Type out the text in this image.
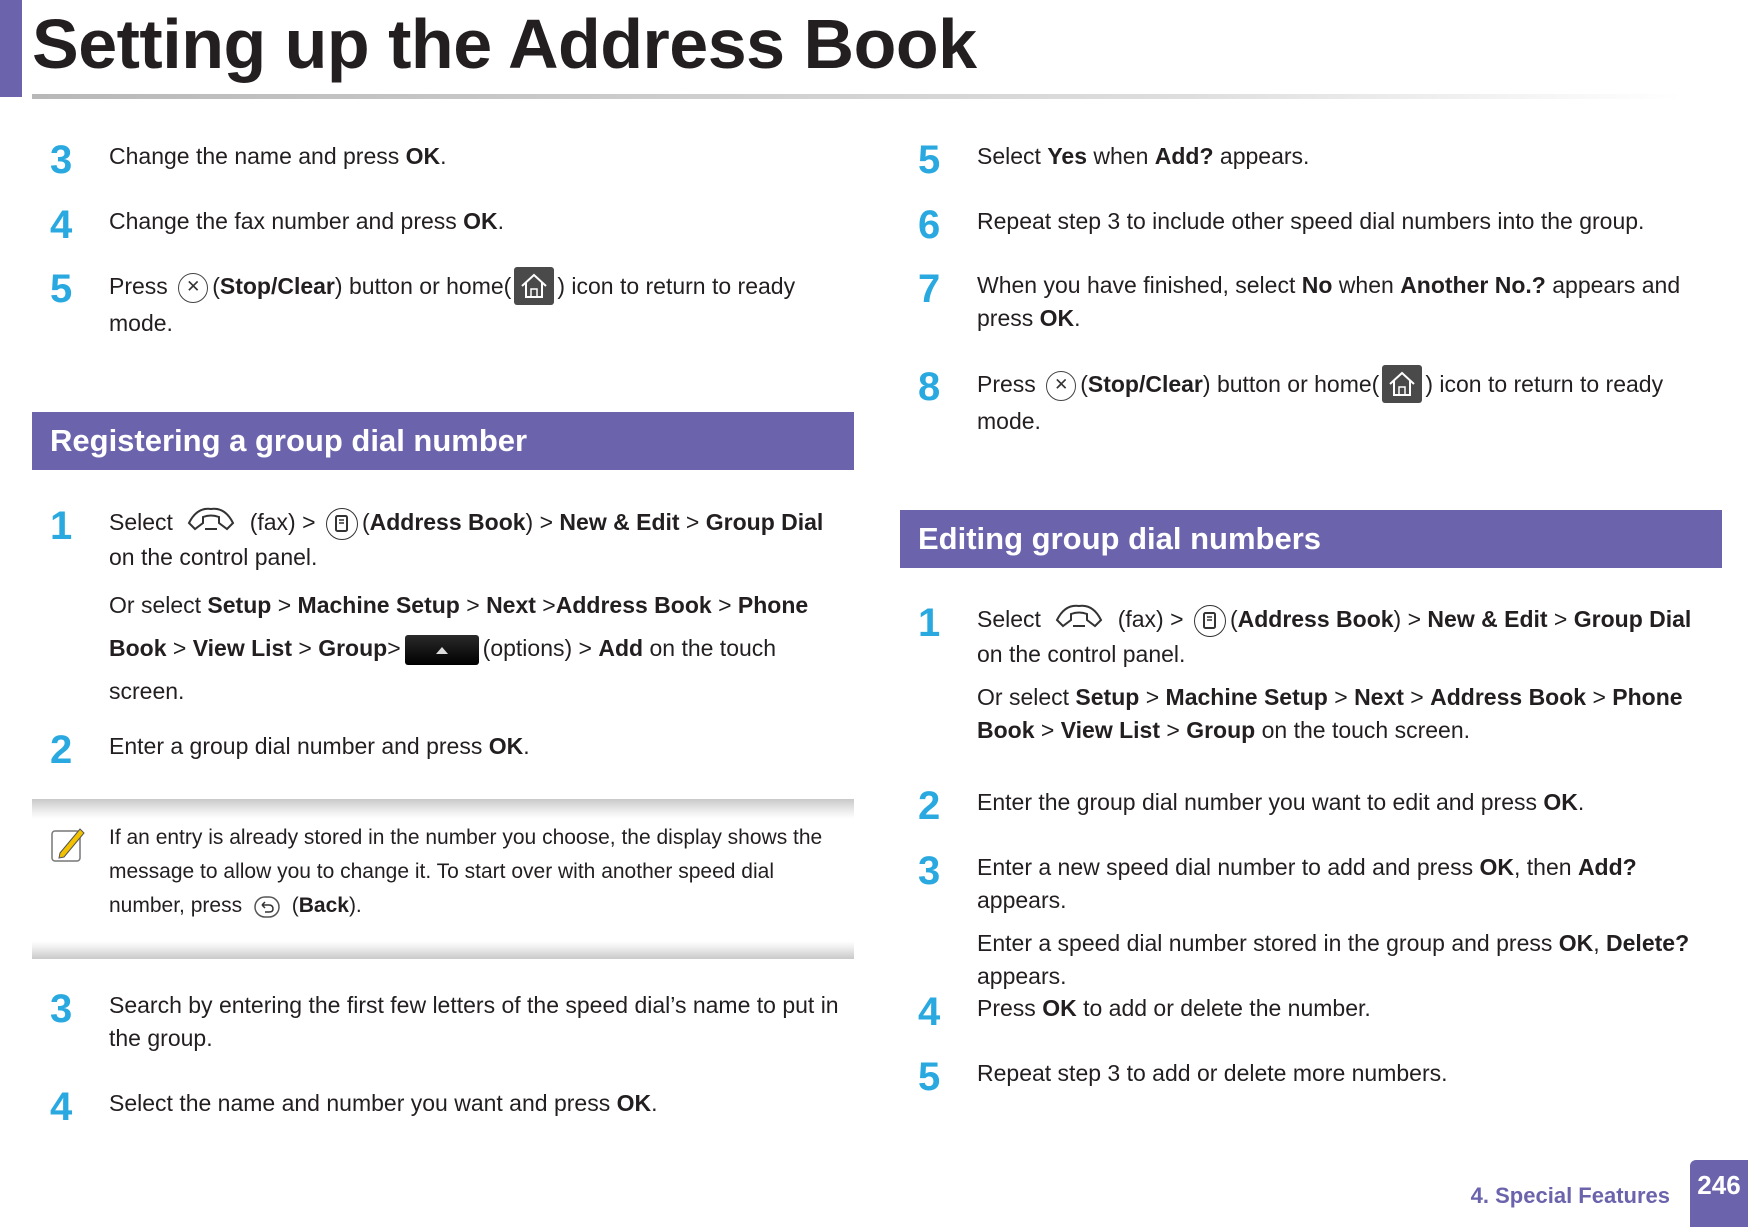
Setting up the Address Book
3 Change the name and press OK.
4 Change the fax number and press OK.
5 Press ✕ (Stop/Clear) button or home( ) icon to return to ready mode.
Registering a group dial number
1 Select	(fax) > (Address Book) > New & Edit > Group Dial on the control panel.
Or select Setup > Machine Setup > Next >Address Book > Phone Book > View List > Group>	(options) > Add on the touch screen.
2 Enter a group dial number and press OK.
If an entry is already stored in the number you choose, the display shows the message to allow you to change it. To start over with another speed dial number, press  (Back).
3 Search by entering the first few letters of the speed dial’s name to put in the group.
4 Select the name and number you want and press OK.
5 Select Yes when Add? appears.
6 Repeat step 3 to include other speed dial numbers into the group.
7 When you have finished, select No when Another No.? appears and press OK.
8 Press ✕ (Stop/Clear) button or home( ) icon to return to ready mode.
Editing group dial numbers
1 Select	(fax) > (Address Book) > New & Edit > Group Dial on the control panel.
Or select Setup > Machine Setup > Next > Address Book > Phone Book > View List > Group on the touch screen.
2 Enter the group dial number you want to edit and press OK.
3 Enter a new speed dial number to add and press OK, then Add? appears.
Enter a speed dial number stored in the group and press OK, Delete? appears.
4 Press OK to add or delete the number.
5 Repeat step 3 to add or delete more numbers.
4. Special Features 246
